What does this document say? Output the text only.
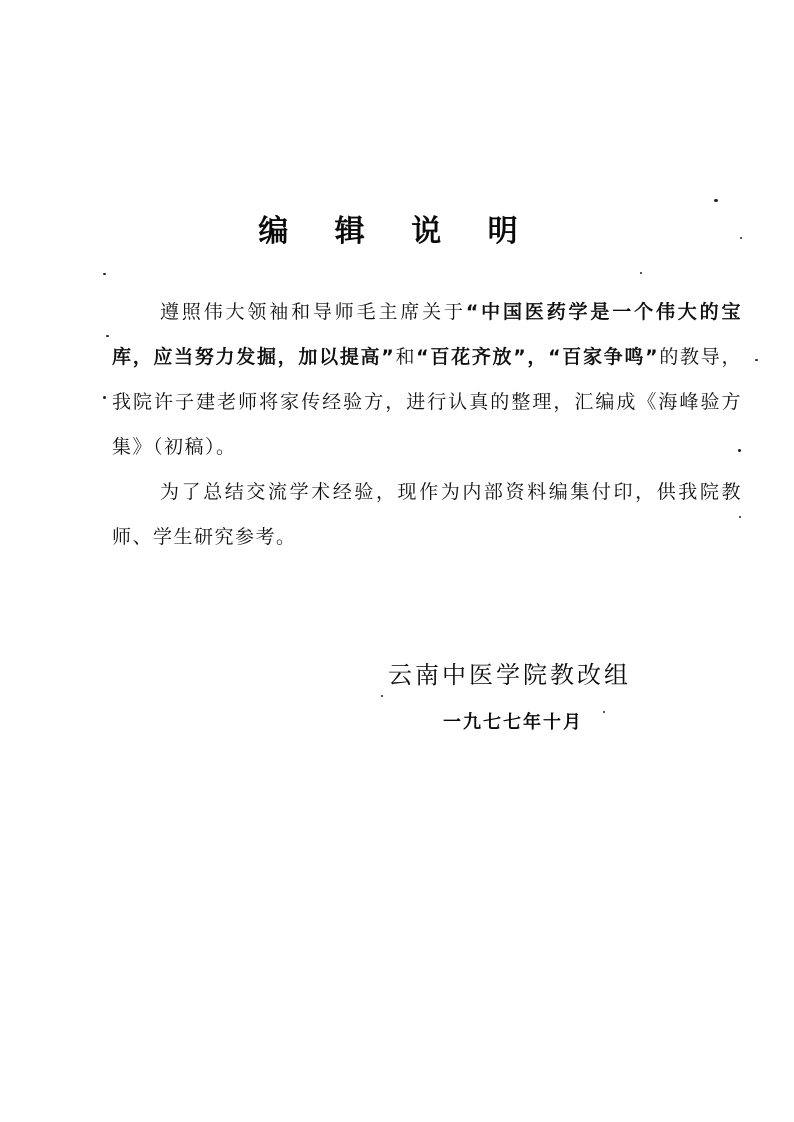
编 辑 说 明

遵照伟大领袖和导师毛主席关于“中国医药学是一个伟大的宝库，应当努力发掘，加以提高”和“百花齐放”，“百家争鸣”的教导，我院许子建老师将家传经验方，进行认真的整理，汇编成《海峰验方集》（初稿）。

为了总结交流学术经验，现作为内部资料编集付印，供我院教师、学生研究参考。

云南中医学院教改组
一九七七年十月
